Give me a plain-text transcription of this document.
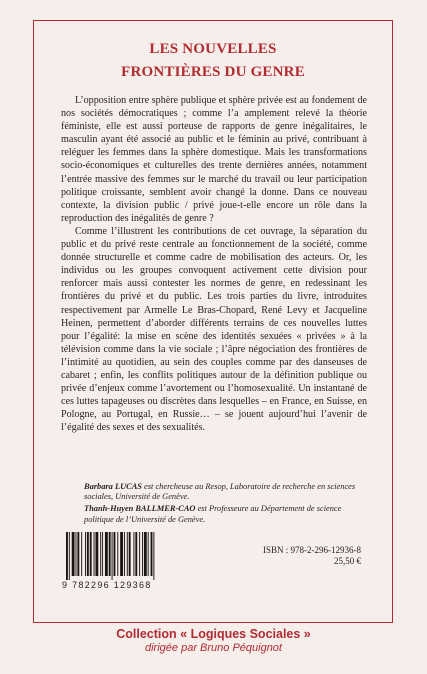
LES NOUVELLES
FRONTIÈRES DU GENRE

L’opposition entre sphère publique et sphère privée est au fondement de nos sociétés démocratiques ; comme l’a amplement relevé la théorie féministe, elle est aussi porteuse de rapports de genre inégalitaires, le masculin ayant été associé au public et le féminin au privé, contribuant à reléguer les femmes dans la sphère domestique. Mais les transformations socio-économiques et culturelles des trente dernières années, notamment l’entrée massive des femmes sur le marché du travail ou leur participation politique croissante, semblent avoir changé la donne. Dans ce nouveau contexte, la division public / privé joue-t-elle encore un rôle dans la reproduction des inégalités de genre ?

Comme l’illustrent les contributions de cet ouvrage, la séparation du public et du privé reste centrale au fonctionnement de la société, comme donnée structurelle et comme cadre de mobilisation des acteurs. Or, les individus ou les groupes convoquent activement cette division pour renforcer mais aussi contester les normes de genre, en redessinant les frontières du privé et du public. Les trois parties du livre, introduites respectivement par Armelle Le Bras-Chopard, René Levy et Jacqueline Heinen, permettent d’aborder différents terrains de ces nouvelles luttes pour l’égalité: la mise en scène des identités sexuées « privées » à la télévision comme dans la vie sociale ; l’âpre négociation des frontières de l’intimité au quotidien, au sein des couples comme par des danseuses de cabaret ; enfin, les conflits politiques autour de la définition publique ou privée d’enjeux comme l’avortement ou l’homosexualité. Un instantané de ces luttes tapageuses ou discrètes dans lesquelles – en France, en Suisse, en Pologne, au Portugal, en Russie… – se jouent aujourd’hui l’avenir de l’égalité des sexes et des sexualités.

Barbara LUCAS est chercheuse au Resop, Laboratoire de recherche en sciences sociales, Université de Genève.

Thanh-Huyen BALLMER-CAO est Professeure au Département de science politique de l’Université de Genève.

9 782296 129368
ISBN : 978-2-296-12936-8
25,50 €
Collection « Logiques Sociales »
dirigée par Bruno Péquignot
